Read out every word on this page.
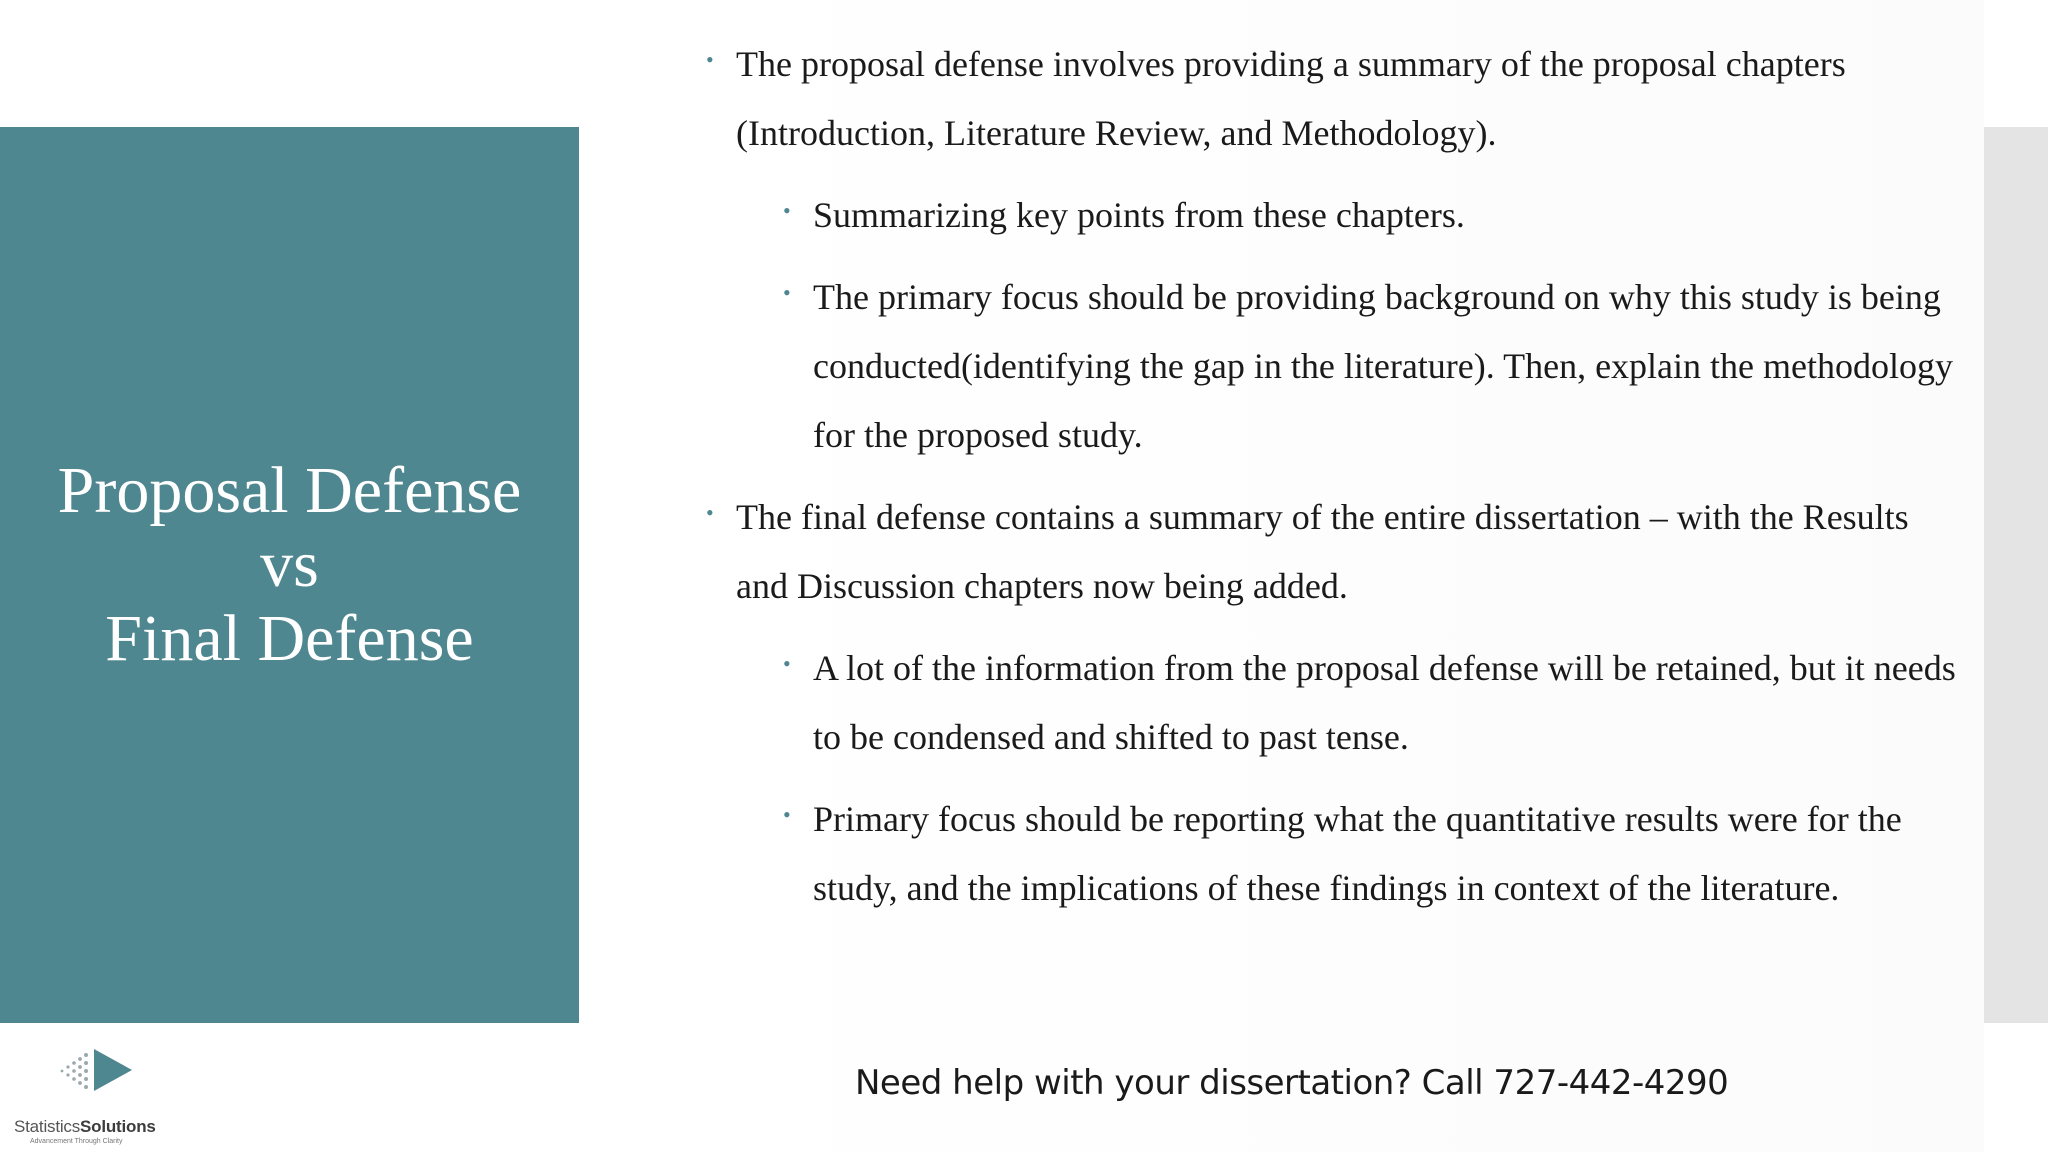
Proposal Defense
vs
Final Defense
• The proposal defense involves providing a summary of the proposal chapters (Introduction, Literature Review, and Methodology).
• Summarizing key points from these chapters.
• The primary focus should be providing background on why this study is being conducted(identifying the gap in the literature). Then, explain the methodology for the proposed study.
• The final defense contains a summary of the entire dissertation – with the Results and Discussion chapters now being added.
• A lot of the information from the proposal defense will be retained, but it needs to be condensed and shifted to past tense.
• Primary focus should be reporting what the quantitative results were for the study, and the implications of these findings in context of the literature.
StatisticsSolutions
Advancement Through Clarity
Need help with your dissertation? Call 727-442-4290
